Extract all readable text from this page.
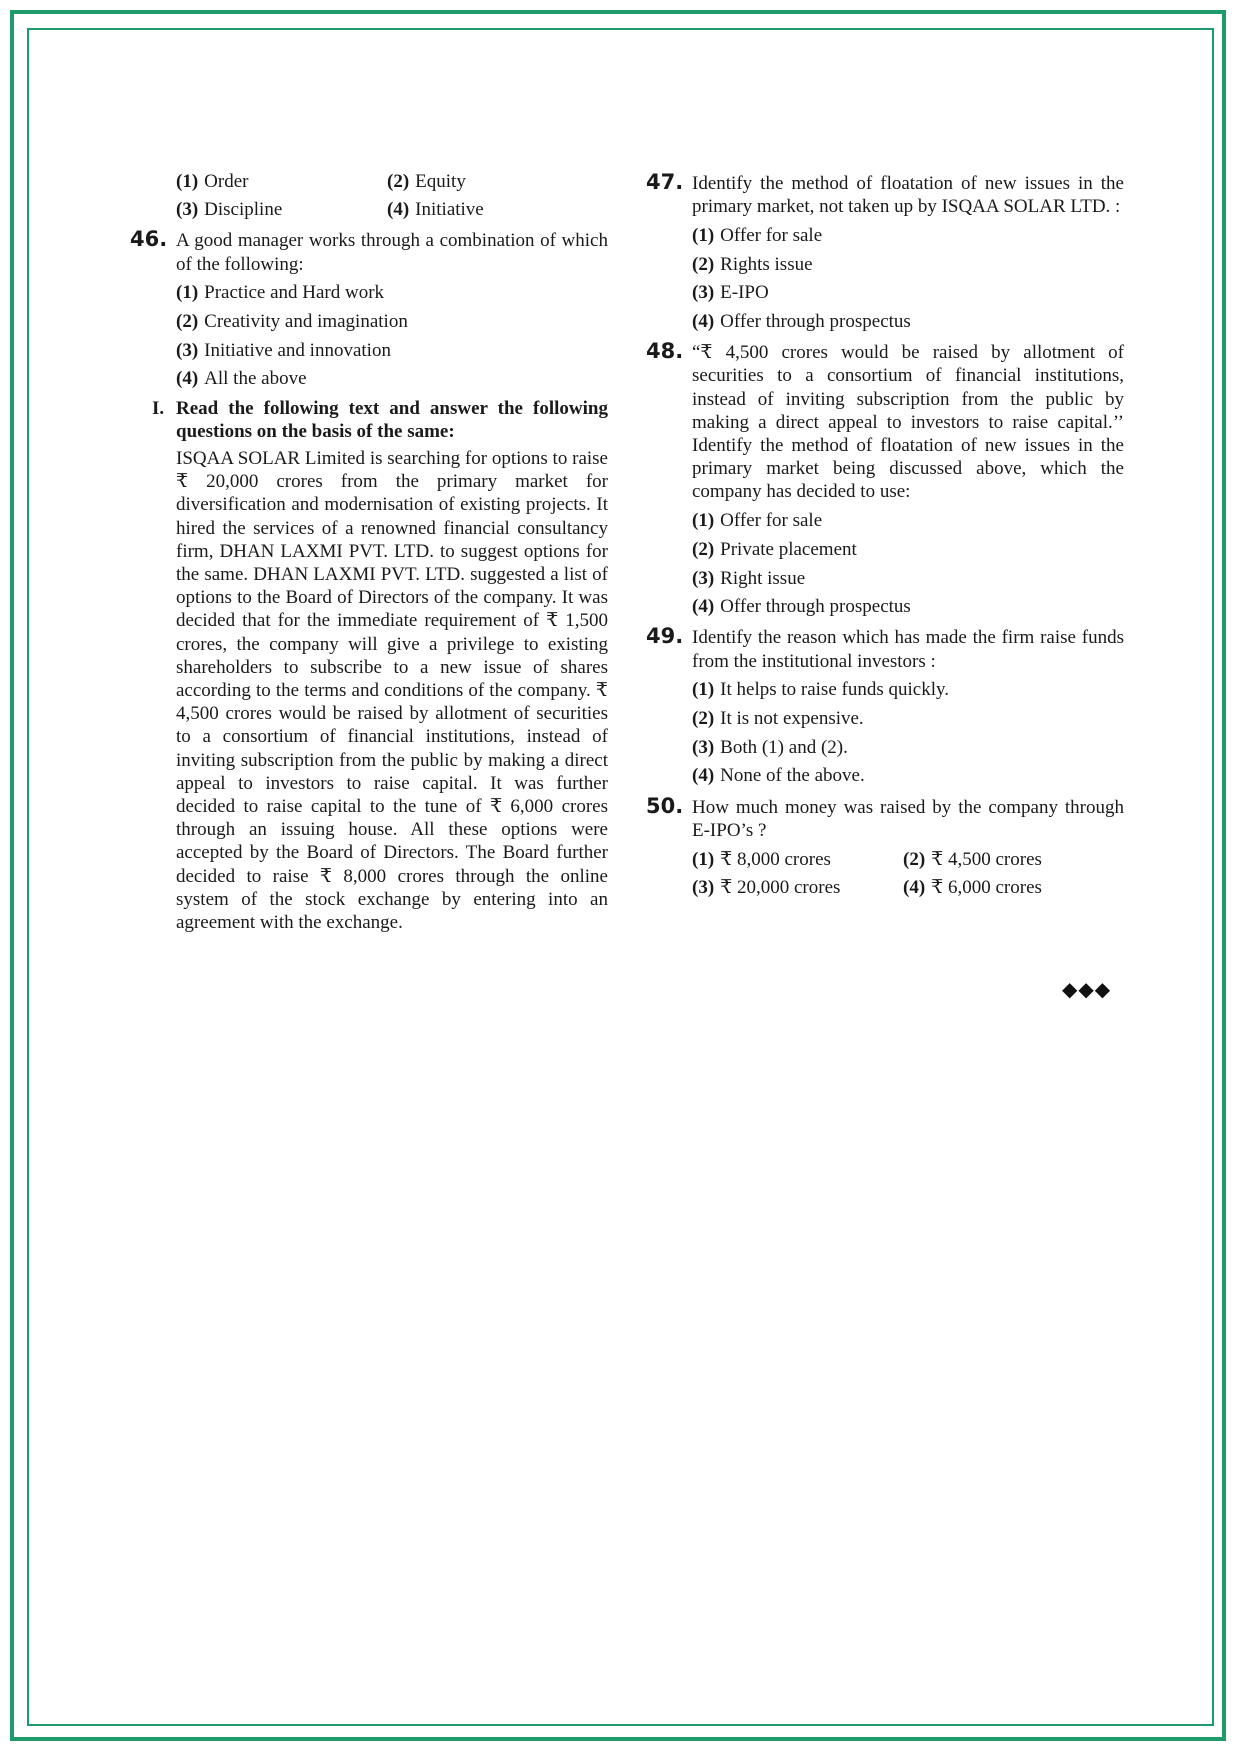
(1) Order	(2) Equity
(3) Discipline	(4) Initiative
46. A good manager works through a combination of which of the following:

(1) Practice and Hard work
(2) Creativity and imagination
(3) Initiative and innovation
(4) All the above
I. Read the following text and answer the following questions on the basis of the same:

ISQAA SOLAR Limited is searching for options to raise ₹ 20,000 crores from the primary market for diversification and modernisation of existing projects. It hired the services of a renowned financial consultancy firm, DHAN LAXMI PVT. LTD. to suggest options for the same. DHAN LAXMI PVT. LTD. suggested a list of options to the Board of Directors of the company. It was decided that for the immediate requirement of ₹ 1,500 crores, the company will give a privilege to existing shareholders to subscribe to a new issue of shares according to the terms and conditions of the company. ₹ 4,500 crores would be raised by allotment of securities to a consortium of financial institutions, instead of inviting subscription from the public by making a direct appeal to investors to raise capital. It was further decided to raise capital to the tune of ₹ 6,000 crores through an issuing house. All these options were accepted by the Board of Directors. The Board further decided to raise ₹ 8,000 crores through the online system of the stock exchange by entering into an agreement with the exchange.

47. Identify the method of floatation of new issues in the primary market, not taken up by ISQAA SOLAR LTD. :

(1) Offer for sale
(2) Rights issue
(3) E-IPO
(4) Offer through prospectus
48. “₹ 4,500 crores would be raised by allotment of securities to a consortium of financial institutions, instead of inviting subscription from the public by making a direct appeal to investors to raise capital.’’ Identify the method of floatation of new issues in the primary market being discussed above, which the company has decided to use:

(1) Offer for sale
(2) Private placement
(3) Right issue
(4) Offer through prospectus
49. Identify the reason which has made the firm raise funds from the institutional investors :

(1) It helps to raise funds quickly.
(2) It is not expensive.
(3) Both (1) and (2).
(4) None of the above.
50. How much money was raised by the company through E-IPO’s ?

(1) ₹ 8,000 crores	(2) ₹ 4,500 crores
(3) ₹ 20,000 crores	(4) ₹ 6,000 crores
◆◆◆
